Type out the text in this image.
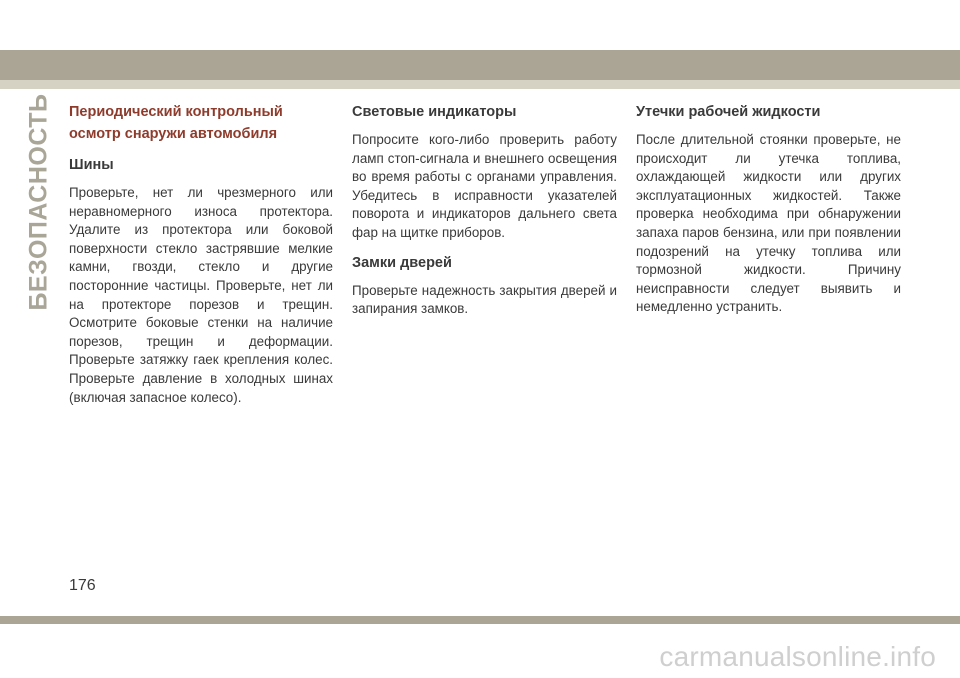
БЕЗОПАСНОСТЬ Периодический контрольный осмотр снаружи автомобиля
Шины

Проверьте, нет ли чрезмерного или неравномерного износа протектора. Удалите из протектора или боковой поверхности стекло застрявшие мелкие камни, гвозди, стекло и другие посторонние частицы. Проверьте, нет ли на протекторе порезов и трещин. Осмотрите боковые стенки на наличие порезов, трещин и деформации. Проверьте затяжку гаек крепления колес. Проверьте давление в холодных шинах (включая запасное колесо).

Световые индикаторы

Попросите кого-либо проверить работу ламп стоп-сигнала и внешнего освещения во время работы с органами управления. Убедитесь в исправности указателей поворота и индикаторов дальнего света фар на щитке приборов.

Замки дверей

Проверьте надежность закрытия дверей и запирания замков.

Утечки рабочей жидкости

После длительной стоянки проверьте, не происходит ли утечка топлива, охлаждающей жидкости или других эксплуатационных жидкостей. Также проверка необходима при обнаружении запаха паров бензина, или при появлении подозрений на утечку топлива или тормозной жидкости. Причину неисправности следует выявить и немедленно устранить.

176
carmanualsonline.info
